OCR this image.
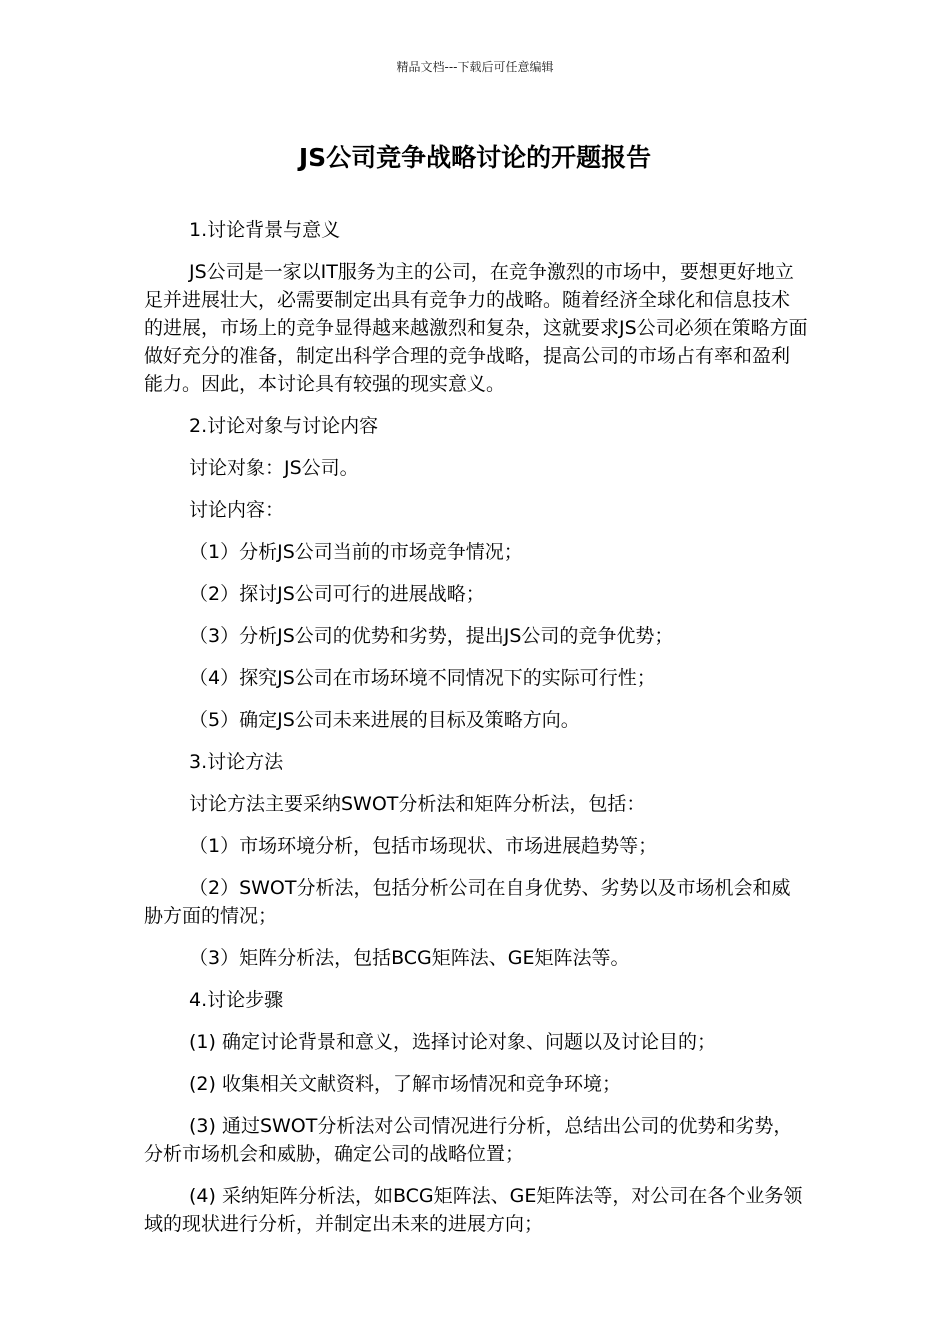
精品文档---下载后可任意编辑
JS公司竞争战略讨论的开题报告

1.讨论背景与意义

JS公司是一家以IT服务为主的公司，在竞争激烈的市场中，要想更好地立足并进展壮大，必需要制定出具有竞争力的战略。随着经济全球化和信息技术的进展，市场上的竞争显得越来越激烈和复杂，这就要求JS公司必须在策略方面做好充分的准备，制定出科学合理的竞争战略，提高公司的市场占有率和盈利能力。因此，本讨论具有较强的现实意义。

2.讨论对象与讨论内容

讨论对象：JS公司。

讨论内容：

（1）分析JS公司当前的市场竞争情况；

（2）探讨JS公司可行的进展战略；

（3）分析JS公司的优势和劣势，提出JS公司的竞争优势；

（4）探究JS公司在市场环境不同情况下的实际可行性；

（5）确定JS公司未来进展的目标及策略方向。

3.讨论方法

讨论方法主要采纳SWOT分析法和矩阵分析法，包括：

（1）市场环境分析，包括市场现状、市场进展趋势等；

（2）SWOT分析法，包括分析公司在自身优势、劣势以及市场机会和威胁方面的情况；

（3）矩阵分析法，包括BCG矩阵法、GE矩阵法等。

4.讨论步骤

(1) 确定讨论背景和意义，选择讨论对象、问题以及讨论目的；

(2) 收集相关文献资料，了解市场情况和竞争环境；

(3) 通过SWOT分析法对公司情况进行分析，总结出公司的优势和劣势，分析市场机会和威胁，确定公司的战略位置；

(4) 采纳矩阵分析法，如BCG矩阵法、GE矩阵法等，对公司在各个业务领域的现状进行分析，并制定出未来的进展方向；
